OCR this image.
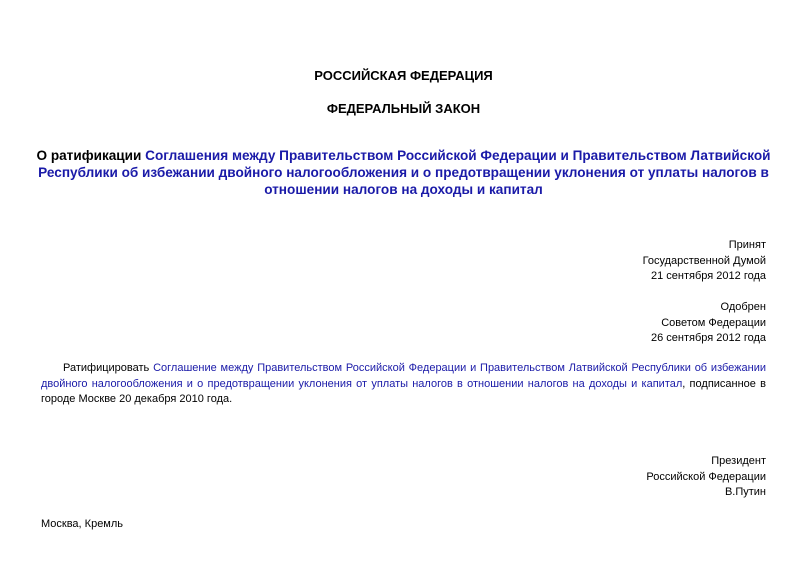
РОССИЙСКАЯ ФЕДЕРАЦИЯ
ФЕДЕРАЛЬНЫЙ ЗАКОН
О ратификации Соглашения между Правительством Российской Федерации и Правительством Латвийской Республики об избежании двойного налогообложения и о предотвращении уклонения от уплаты налогов в отношении налогов на доходы и капитал
Принят
Государственной Думой
21 сентября 2012 года
Одобрен
Советом Федерации
26 сентября 2012 года
Ратифицировать Соглашение между Правительством Российской Федерации и Правительством Латвийской Республики об избежании двойного налогообложения и о предотвращении уклонения от уплаты налогов в отношении налогов на доходы и капитал, подписанное в городе Москве 20 декабря 2010 года.
Президент
Российской Федерации
В.Путин
Москва, Кремль
